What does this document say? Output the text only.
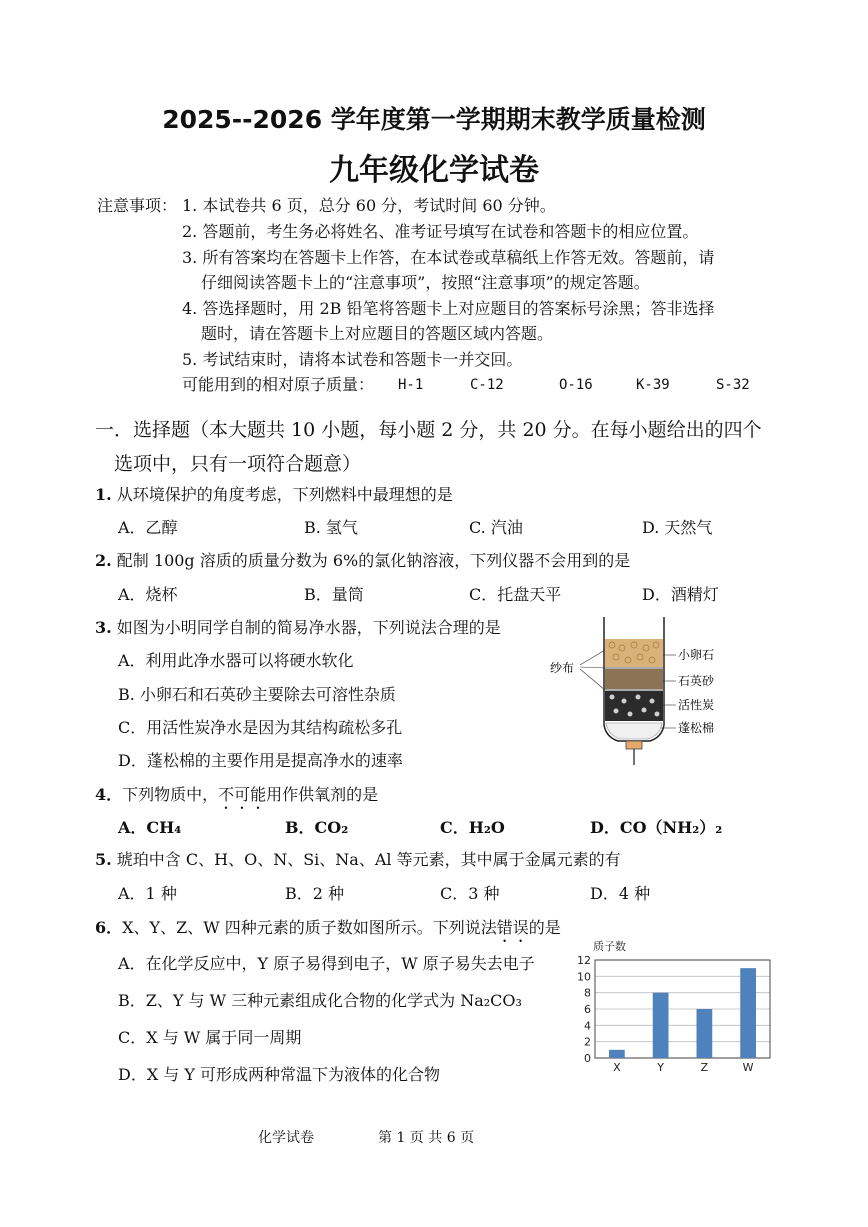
2025--2026 学年度第一学期期末教学质量检测
九年级化学试卷
注意事项： 1. 本试卷共 6 页，总分 60 分，考试时间 60 分钟。
2. 答题前，考生务必将姓名、准考证号填写在试卷和答题卡的相应位置。
3. 所有答案均在答题卡上作答，在本试卷或草稿纸上作答无效。答题前，请
仔细阅读答题卡上的“注意事项”，按照“注意事项”的规定答题。
4. 答选择题时，用 2B 铅笔将答题卡上对应题目的答案标号涂黑；答非选择
题时，请在答题卡上对应题目的答题区域内答题。
5. 考试结束时，请将本试卷和答题卡一并交回。
可能用到的相对原子质量： H-1	C-12	O-16	K-39	S-32
一．选择题（本大题共 10 小题，每小题 2 分，共 20 分。在每小题给出的四个
选项中，只有一项符合题意）
1. 从环境保护的角度考虑，下列燃料中最理想的是
A．乙醇	B. 氢气	C. 汽油	D. 天然气
2. 配制 100g 溶质的质量分数为 6%的氯化钠溶液，下列仪器不会用到的是
A．烧杯	B．量筒	C．托盘天平	D．酒精灯
3. 如图为小明同学自制的简易净水器，下列说法合理的是
A．利用此净水器可以将硬水软化
B. 小卵石和石英砂主要除去可溶性杂质
C．用活性炭净水是因为其结构疏松多孔
D．蓬松棉的主要作用是提高净水的速率
纱布
小卵石
石英砂
活性炭
蓬松棉
4．下列物质中，不可能用作供氧剂的是
A．CH₄	B．CO₂	C．H₂O	D．CO（NH₂）₂
5. 琥珀中含 C、H、O、N、Si、Na、Al 等元素，其中属于金属元素的有
A．1 种	B．2 种	C．3 种	D．4 种
6．X、Y、Z、W 四种元素的质子数如图所示。下列说法错误的是
A．在化学反应中，Y 原子易得到电子，W 原子易失去电子
B．Z、Y 与 W 三种元素组成化合物的化学式为 Na₂CO₃
C．X 与 W 属于同一周期
D．X 与 Y 可形成两种常温下为液体的化合物
质子数
0
2
4
6
8
10
12
X	Y	Z	W
化学试卷	第 1 页 共 6 页
